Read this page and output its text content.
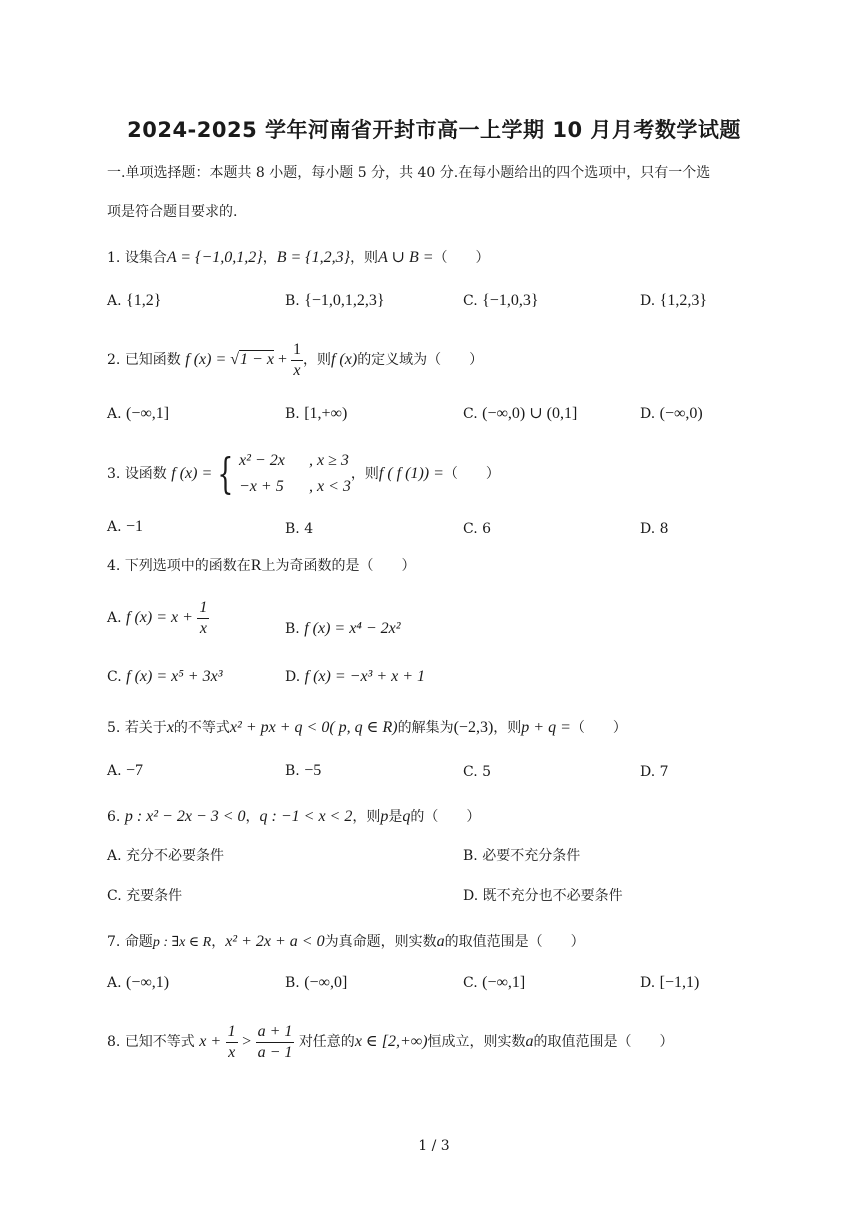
2024-2025 学年河南省开封市高一上学期 10 月月考数学试题
一.单项选择题：本题共 8 小题，每小题 5 分，共 40 分.在每小题给出的四个选项中，只有一个选
项是符合题目要求的.
1. 设集合A = {−1,0,1,2}，B = {1,2,3}，则A ∪ B =（　　）
A. {1,2}	B. {−1,0,1,2,3}	C. {−1,0,3}	D. {1,2,3}
2. 已知函数 f $(x) = √1 - x + \frac{1}{x}$ ，则f (x)的定义域为（　　）
A. (−∞,1]	B. [1,+∞)	C. (−∞,0) ∪ (0,1]	D. (−∞,0)
3. 设函数 f (x) = { x² − 2x , x ≥ 3
−x + 5 , x < 3
，则f ( f (1)) =（　　）
A. −1	B. 4	C. 6	D. 8
4. 下列选项中的函数在R上为奇函数的是（　　）
A. f $(x) = x + \frac{1}{x}$	B. f (x) = x⁴ − 2x²
C. f (x) = x⁵ + 3x³	D. f (x) = −x³ + x + 1
5. 若关于x的不等式x² + px + q < 0( p, q ∈ R)的解集为(−2,3)，则p + q =（　　）
A. −7	B. −5	C. 5	D. 7
6. p : x² − 2x − 3 < 0，q : −1 < x < 2，则p是q的（　　）
A. 充分不必要条件	B. 必要不充分条件
C. 充要条件	D. 既不充分也不必要条件
7. 命题p : ∃x ∈ R，x² + 2x + a < 0为真命题，则实数a的取值范围是（　　）
A. (−∞,1)	B. (−∞,0]	C. (−∞,1]	D. [−1,1)
8. 已知不等式 $x + \frac{1}{x} > \frac{a + 1}{a - 1}$ 对任意的x ∈ [2,+∞)恒成立，则实数a的取值范围是（　　）
1 / 3
